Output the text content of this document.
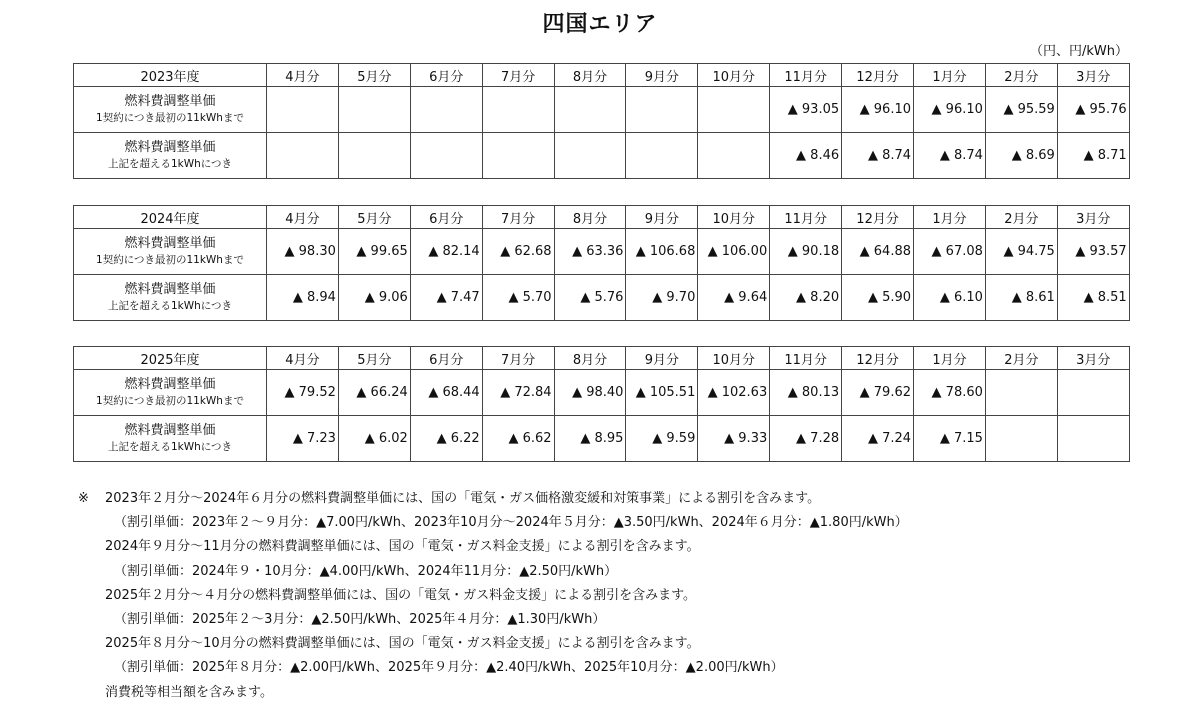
四国エリア
（円、円/kWh）
2023年度	4月分	5月分	6月分	7月分	8月分	9月分	10月分	11月分	12月分	1月分	2月分	3月分

燃料費調整単価
1契約につき最初の11kWhまで								▲ 93.05	▲ 96.10	▲ 96.10	▲ 95.59	▲ 95.76

燃料費調整単価
上記を超える1kWhにつき								▲ 8.46	▲ 8.74	▲ 8.74	▲ 8.69	▲ 8.71
2024年度	4月分	5月分	6月分	7月分	8月分	9月分	10月分	11月分	12月分	1月分	2月分	3月分

燃料費調整単価
1契約につき最初の11kWhまで	▲ 98.30	▲ 99.65	▲ 82.14	▲ 62.68	▲ 63.36	▲ 106.68	▲ 106.00	▲ 90.18	▲ 64.88	▲ 67.08	▲ 94.75	▲ 93.57

燃料費調整単価
上記を超える1kWhにつき	▲ 8.94	▲ 9.06	▲ 7.47	▲ 5.70	▲ 5.76	▲ 9.70	▲ 9.64	▲ 8.20	▲ 5.90	▲ 6.10	▲ 8.61	▲ 8.51
2025年度	4月分	5月分	6月分	7月分	8月分	9月分	10月分	11月分	12月分	1月分	2月分	3月分

燃料費調整単価
1契約につき最初の11kWhまで	▲ 79.52	▲ 66.24	▲ 68.44	▲ 72.84	▲ 98.40	▲ 105.51	▲ 102.63	▲ 80.13	▲ 79.62	▲ 78.60		

燃料費調整単価
上記を超える1kWhにつき	▲ 7.23	▲ 6.02	▲ 6.22	▲ 6.62	▲ 8.95	▲ 9.59	▲ 9.33	▲ 7.28	▲ 7.24	▲ 7.15		
※ 2023年２月分～2024年６月分の燃料費調整単価には、国の「電気・ガス価格激変緩和対策事業」による割引を含みます。
（割引単価：2023年２～９月分：▲7.00円/kWh、2023年10月分～2024年５月分：▲3.50円/kWh、2024年６月分：▲1.80円/kWh）
2024年９月分～11月分の燃料費調整単価には、国の「電気・ガス料金支援」による割引を含みます。
（割引単価：2024年９・10月分：▲4.00円/kWh、2024年11月分：▲2.50円/kWh）
2025年２月分～４月分の燃料費調整単価には、国の「電気・ガス料金支援」による割引を含みます。
（割引単価：2025年２～3月分：▲2.50円/kWh、2025年４月分：▲1.30円/kWh）
2025年８月分～10月分の燃料費調整単価には、国の「電気・ガス料金支援」による割引を含みます。
（割引単価：2025年８月分：▲2.00円/kWh、2025年９月分：▲2.40円/kWh、2025年10月分：▲2.00円/kWh）
消費税等相当額を含みます。
